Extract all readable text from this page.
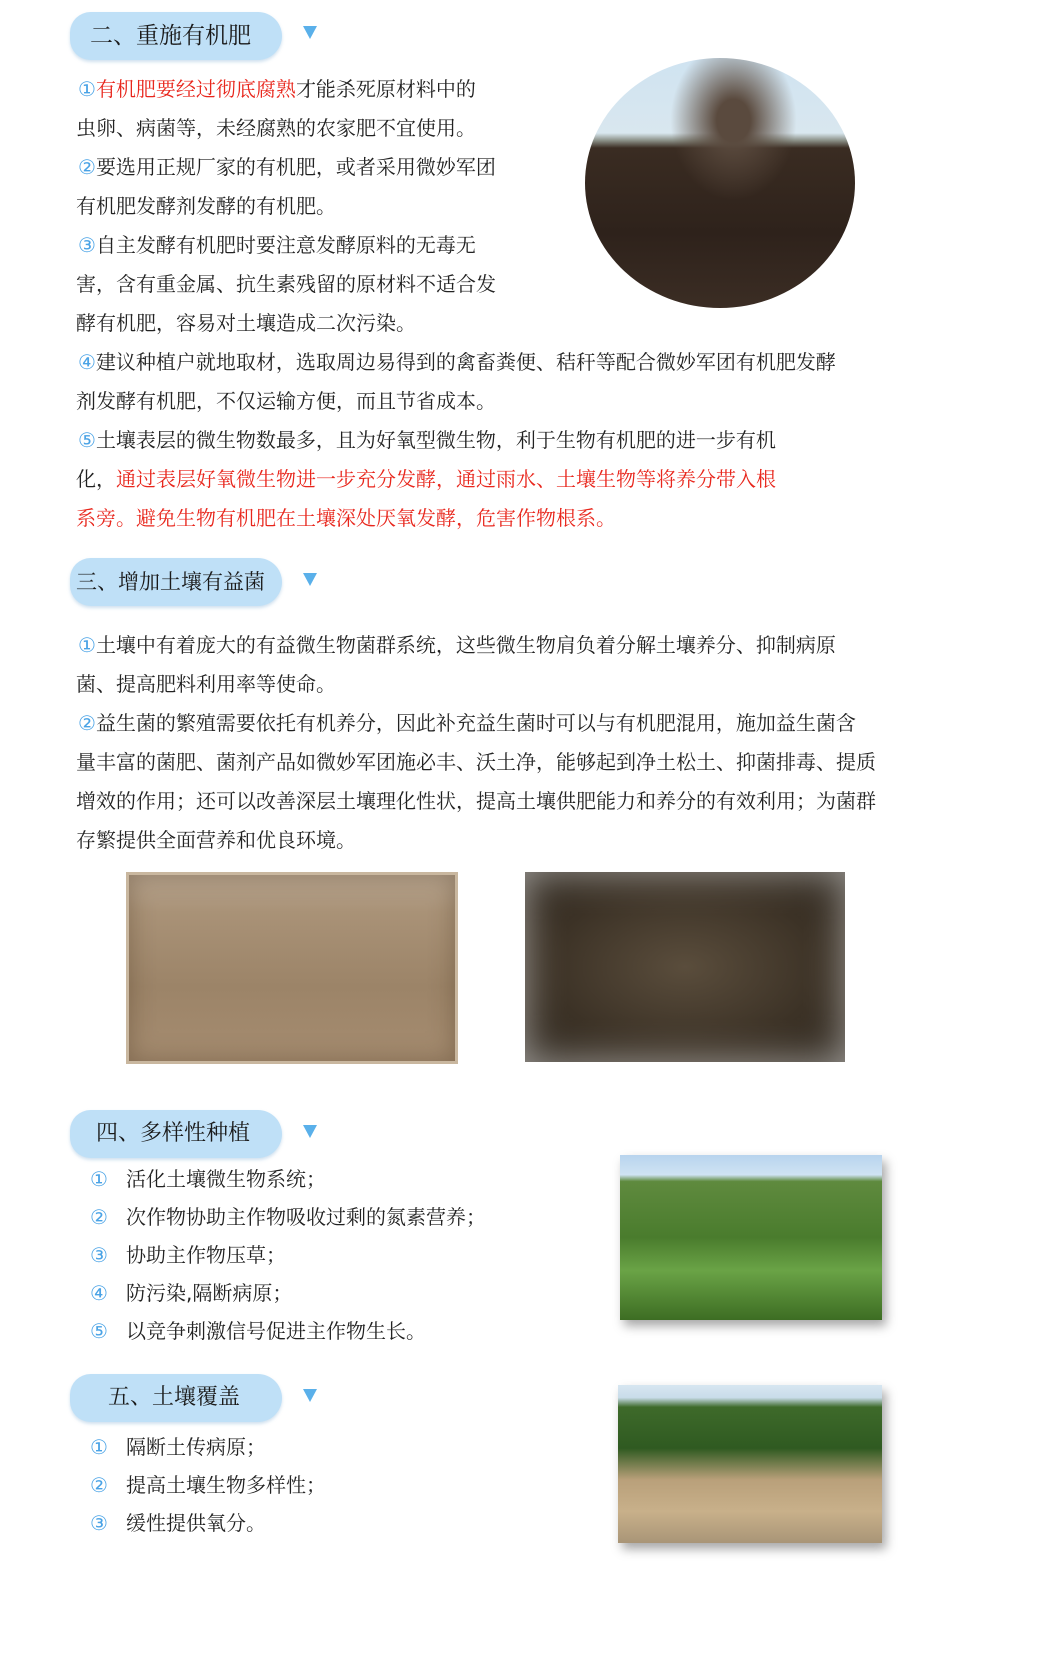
二、重施有机肥
①有机肥要经过彻底腐熟才能杀死原材料中的
虫卵、病菌等，未经腐熟的农家肥不宜使用。
②要选用正规厂家的有机肥，或者采用微妙军团
有机肥发酵剂发酵的有机肥。
③自主发酵有机肥时要注意发酵原料的无毒无
害，含有重金属、抗生素残留的原材料不适合发
酵有机肥，容易对土壤造成二次污染。
④建议种植户就地取材，选取周边易得到的禽畜粪便、秸秆等配合微妙军团有机肥发酵
剂发酵有机肥，不仅运输方便，而且节省成本。
⑤土壤表层的微生物数最多，且为好氧型微生物，利于生物有机肥的进一步有机
化，通过表层好氧微生物进一步充分发酵，通过雨水、土壤生物等将养分带入根
系旁。避免生物有机肥在土壤深处厌氧发酵，危害作物根系。
三、增加土壤有益菌
①土壤中有着庞大的有益微生物菌群系统，这些微生物肩负着分解土壤养分、抑制病原
菌、提高肥料利用率等使命。
②益生菌的繁殖需要依托有机养分，因此补充益生菌时可以与有机肥混用，施加益生菌含
量丰富的菌肥、菌剂产品如微妙军团施必丰、沃土净，能够起到净土松土、抑菌排毒、提质
增效的作用；还可以改善深层土壤理化性状，提高土壤供肥能力和养分的有效利用；为菌群
存繁提供全面营养和优良环境。
四、多样性种植
① 活化土壤微生物系统；
② 次作物协助主作物吸收过剩的氮素营养；
③ 协助主作物压草；
④ 防污染,隔断病原；
⑤ 以竞争刺激信号促进主作物生长。
五、土壤覆盖
① 隔断土传病原；
② 提高土壤生物多样性；
③ 缓性提供氧分。
